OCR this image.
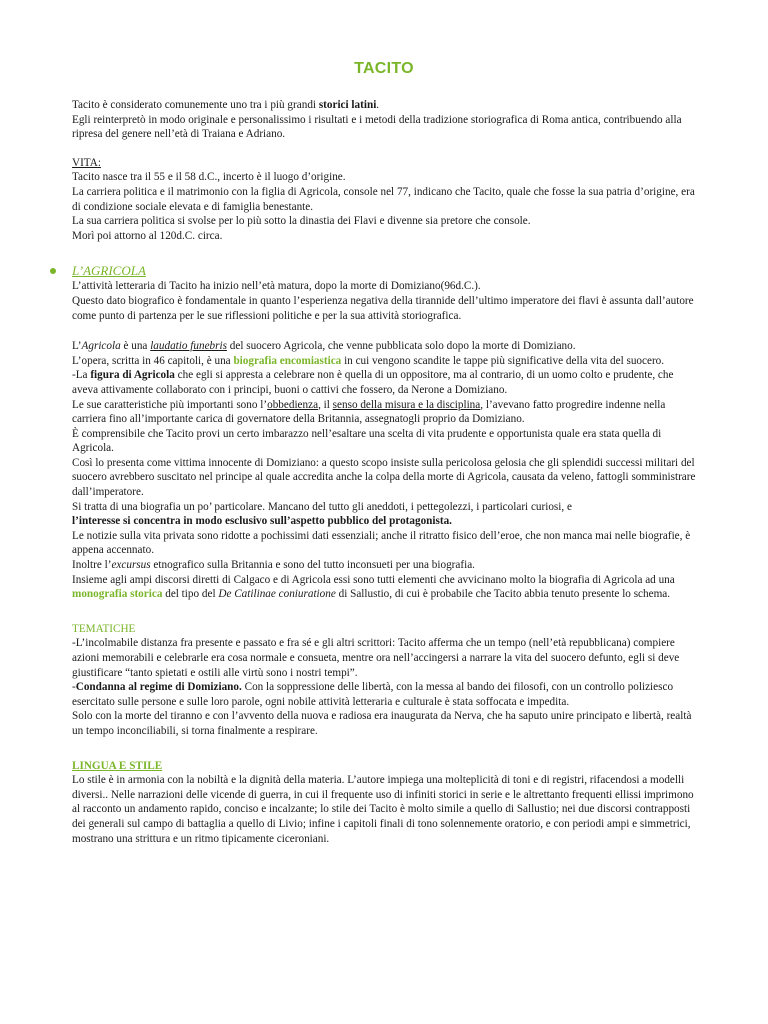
TACITO

Tacito è considerato comunemente uno tra i più grandi storici latini.

Egli reinterpretò in modo originale e personalissimo i risultati e i metodi della tradizione storiografica di Roma antica, contribuendo alla ripresa del genere nell’età di Traiana e Adriano.

VITA:

Tacito nasce tra il 55 e il 58 d.C., incerto è il luogo d’origine.

La carriera politica e il matrimonio con la figlia di Agricola, console nel 77, indicano che Tacito, quale che fosse la sua patria d’origine, era di condizione sociale elevata e di famiglia benestante.

La sua carriera politica si svolse per lo più sotto la dinastia dei Flavi e divenne sia pretore che console.

Morì poi attorno al 120d.C. circa.

L’AGRICOLA

L’attività letteraria di Tacito ha inizio nell’età matura, dopo la morte di Domiziano(96d.C.).

Questo dato biografico è fondamentale in quanto l’esperienza negativa della tirannide dell’ultimo imperatore dei flavi è assunta dall’autore come punto di partenza per le sue riflessioni politiche e per la sua attività storiografica.

L’Agricola è una laudatio funebris del suocero Agricola, che venne pubblicata solo dopo la morte di Domiziano.

L’opera, scritta in 46 capitoli, è una biografia encomiastica in cui vengono scandite le tappe più significative della vita del suocero.

-La figura di Agricola che egli si appresta a celebrare non è quella di un oppositore, ma al contrario, di un uomo colto e prudente, che aveva attivamente collaborato con i principi, buoni o cattivi che fossero, da Nerone a Domiziano.

Le sue caratteristiche più importanti sono l’obbedienza, il senso della misura e la disciplina, l’avevano fatto progredire indenne nella carriera fino all’importante carica di governatore della Britannia, assegnatogli proprio da Domiziano.

È comprensibile che Tacito provi un certo imbarazzo nell’esaltare una scelta di vita prudente e opportunista quale era stata quella di Agricola.

Così lo presenta come vittima innocente di Domiziano: a questo scopo insiste sulla pericolosa gelosia che gli splendidi successi militari del suocero avrebbero suscitato nel principe al quale accredita anche la colpa della morte di Agricola, causata da veleno, fattogli somministrare dall’imperatore.

Si tratta di una biografia un po’ particolare. Mancano del tutto gli aneddoti, i pettegolezzi, i particolari curiosi, e

l’interesse si concentra in modo esclusivo sull’aspetto pubblico del protagonista.

Le notizie sulla vita privata sono ridotte a pochissimi dati essenziali; anche il ritratto fisico dell’eroe, che non manca mai nelle biografie, è appena accennato.

Inoltre l’excursus etnografico sulla Britannia e sono del tutto inconsueti per una biografia.

Insieme agli ampi discorsi diretti di Calgaco e di Agricola essi sono tutti elementi che avvicinano molto la biografia di Agricola ad una monografia storica del tipo del De Catilinae coniuratione di Sallustio, di cui è probabile che Tacito abbia tenuto presente lo schema.

TEMATICHE

-L’incolmabile distanza fra presente e passato e fra sé e gli altri scrittori: Tacito afferma che un tempo (nell’età repubblicana) compiere azioni memorabili e celebrarle era cosa normale e consueta, mentre ora nell’accingersi a narrare la vita del suocero defunto, egli si deve giustificare “tanto spietati e ostili alle virtù sono i nostri tempi”.

-Condanna al regime di Domiziano. Con la soppressione delle libertà, con la messa al bando dei filosofi, con un controllo poliziesco esercitato sulle persone e sulle loro parole, ogni nobile attività letteraria e culturale è stata soffocata e impedita.

Solo con la morte del tiranno e con l’avvento della nuova e radiosa era inaugurata da Nerva, che ha saputo unire principato e libertà, realtà un tempo inconciliabili, si torna finalmente a respirare.

LINGUA E STILE

Lo stile è in armonia con la nobiltà e la dignità della materia. L’autore impiega una molteplicità di toni e di registri, rifacendosi a modelli diversi.. Nelle narrazioni delle vicende di guerra, in cui il frequente uso di infiniti storici in serie e le altrettanto frequenti ellissi imprimono al racconto un andamento rapido, conciso e incalzante; lo stile dei Tacito è molto simile a quello di Sallustio; nei due discorsi contrapposti dei generali sul campo di battaglia a quello di Livio; infine i capitoli finali di tono solennemente oratorio, e con periodi ampi e simmetrici, mostrano una strittura e un ritmo tipicamente ciceroniani.
